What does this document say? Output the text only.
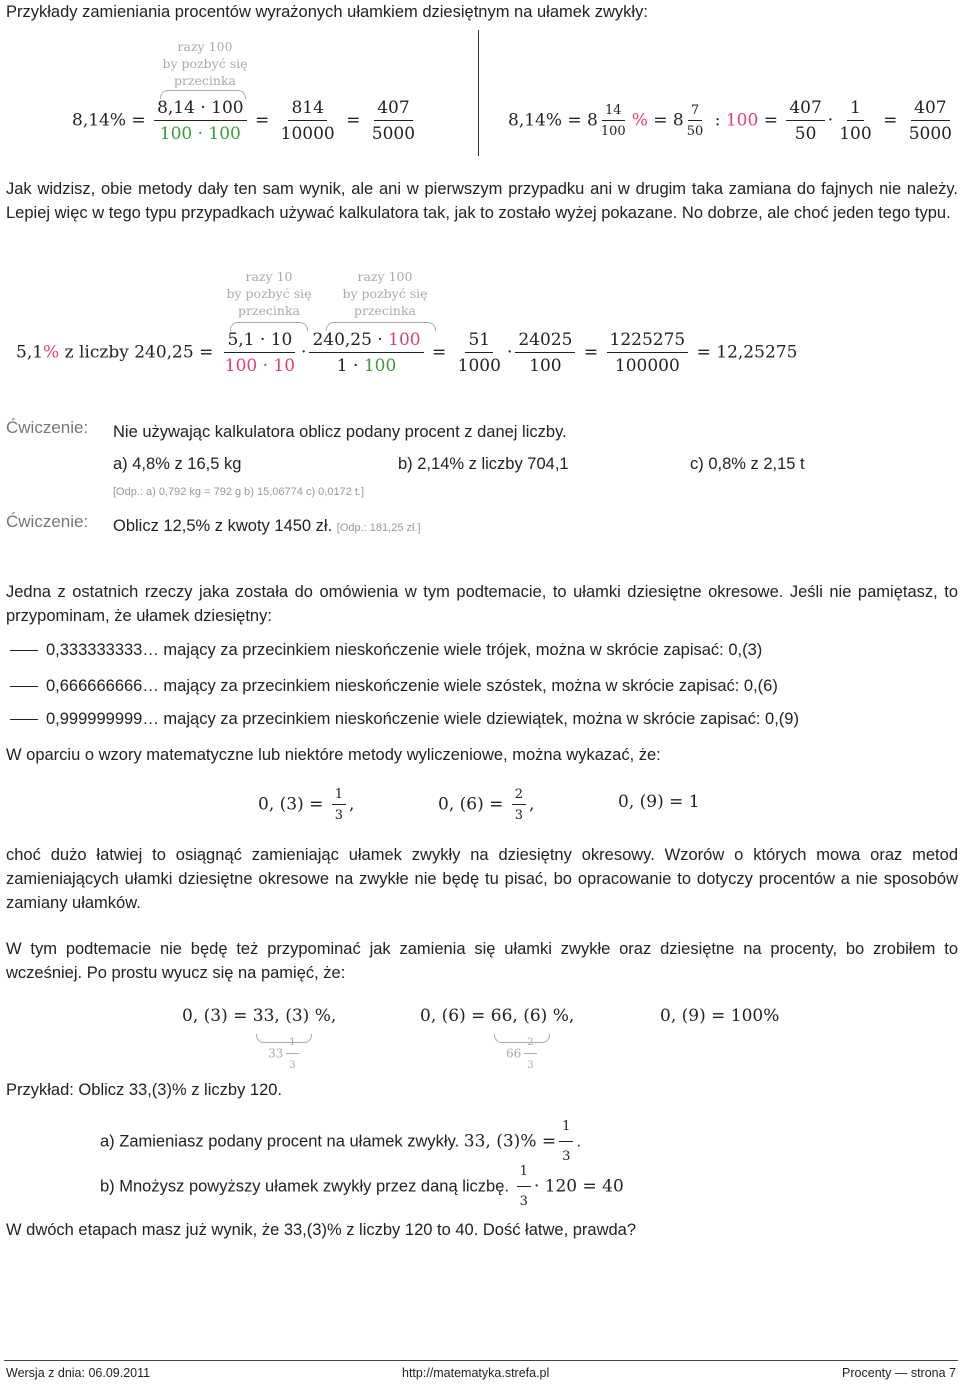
Przykłady zamieniania procentów wyrażonych ułamkiem dziesiętnym na ułamek zwykły:
razy 100
by pozbyć się
przecinka
$8,14\% = \frac{8,14 \cdot 100}{100 \cdot 100} = \frac{814}{10000} = \frac{407}{5000}$	$8,14\% = 8 \frac{14}{100}$ % = $8 \frac{7}{50}$ : $100 = \frac{407}{50} \cdot \frac{1}{100} = \frac{407}{5000}$
Jak widzisz, obie metody dały ten sam wynik, ale ani w pierwszym przypadku ani w drugim taka zamiana do fajnych nie należy. Lepiej więc w tego typu przypadkach używać kalkulatora tak, jak to zostało wyżej pokazane. No dobrze, ale choć jeden tego typu.
razy 10
by pozbyć się
przecinka
razy 100
by pozbyć się
przecinka
5,1% z liczby $240,25 = \frac{5,1 \cdot 10}{100 \cdot 10} \cdot \frac{240,25 \cdot 100}{1 \cdot 100} = \frac{51}{1000} \cdot \frac{24025}{100} = \frac{1225275}{100000} = 12,25275$
Ćwiczenie: Nie używając kalkulatora oblicz podany procent z danej liczby.
a) 4,8% z 16,5 kg	b) 2,14% z liczby 704,1	c) 0,8% z 2,15 t
[Odp.: a) 0,792 kg = 792 g b) 15,06774 c) 0,0172 t.]
Ćwiczenie: Oblicz 12,5% z kwoty 1450 zł. [Odp.: 181,25 zł.]
Jedna z ostatnich rzeczy jaka została do omówienia w tym podtemacie, to ułamki dziesiętne okresowe. Jeśli nie pamiętasz, to przypominam, że ułamek dziesiętny:
0,333333333… mający za przecinkiem nieskończenie wiele trójek, można w skrócie zapisać: 0,(3)
0,666666666… mający za przecinkiem nieskończenie wiele szóstek, można w skrócie zapisać: 0,(6)
0,999999999… mający za przecinkiem nieskończenie wiele dziewiątek, można w skrócie zapisać: 0,(9)
W oparciu o wzory matematyczne lub niektóre metody wyliczeniowe, można wykazać, że:
0, $(3) = \frac{1}{3}$ ,	0, $(6) = \frac{2}{3}$ ,	0, (9) = 1
choć dużo łatwiej to osiągnąć zamieniając ułamek zwykły na dziesiętny okresowy. Wzorów o których mowa oraz metod zamieniających ułamki dziesiętne okresowe na zwykłe nie będę tu pisać, bo opracowanie to dotyczy procentów a nie sposobów zamiany ułamków.
W tym podtemacie nie będę też przypominać jak zamienia się ułamki zwykłe oraz dziesiętne na procenty, bo zrobiłem to wcześniej. Po prostu wyucz się na pamięć, że:
0, (3) = 33, (3) %,
$33 \frac{1}{3}$
0, (6) = 66, (6) %,
$66 \frac{2}{3}$
0, (9) = 100%
Przykład: Oblicz 33,(3)% z liczby 120.
a) Zamieniasz podany procent na ułamek zwykły. 33, $(3)\% = \frac{1}{3}$ .
b) Mnożysz powyższy ułamek zwykły przez daną liczbę. $\frac{1}{3} \cdot 120 = 40$
W dwóch etapach masz już wynik, że 33,(3)% z liczby 120 to 40. Dość łatwe, prawda?
Wersja z dnia: 06.09.2011	http://matematyka.strefa.pl	Procenty — strona 7
